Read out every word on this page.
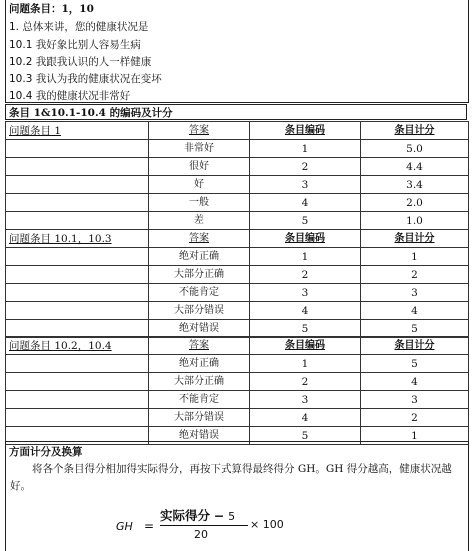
问题条目：1，10
1. 总体来讲，您的健康状况是
10.1 我好象比别人容易生病
10.2 我跟我认识的人一样健康
10.3 我认为我的健康状况在变坏
10.4 我的健康状况非常好
条目 1&10.1-10.4 的编码及计分
问题条目 1	答案	条目编码	条目计分
	非常好	1	5.0
	很好	2	4.4
	好	3	3.4
	一般	4	2.0
	差	5	1.0
问题条目 10.1，10.3	答案	条目编码	条目计分
	绝对正确	1	1
	大部分正确	2	2
	不能肯定	3	3
	大部分错误	4	4
	绝对错误	5	5
问题条目 10.2，10.4	答案	条目编码	条目计分
	绝对正确	1	5
	大部分正确	2	4
	不能肯定	3	3
	大部分错误	4	2
	绝对错误	5	1
方面计分及换算
将各个条目得分相加得实际得分，再按下式算得最终得分 GH。GH 得分越高，健康状况越好。
GH =
实际得分 − 5
20
× 100
